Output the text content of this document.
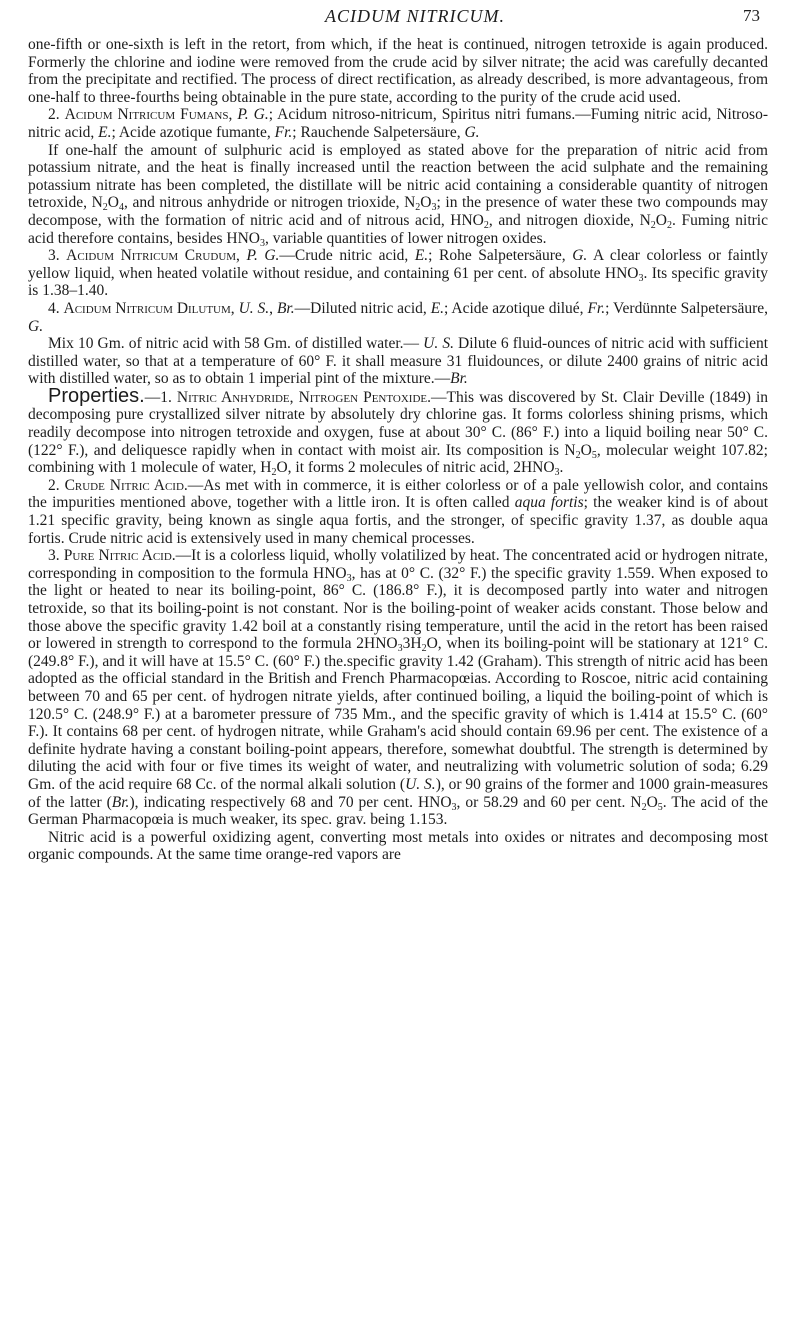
ACIDUM NITRICUM.	73

one-fifth or one-sixth is left in the retort, from which, if the heat is continued, nitrogen tetroxide is again produced. Formerly the chlorine and iodine were removed from the crude acid by silver nitrate; the acid was carefully decanted from the precipitate and rectified. The process of direct rectification, as already described, is more advantageous, from one-half to three-fourths being obtainable in the pure state, according to the purity of the crude acid used.

2. Acidum Nitricum Fumans, P. G.; Acidum nitroso-nitricum, Spiritus nitri fumans.—Fuming nitric acid, Nitroso-nitric acid, E.; Acide azotique fumante, Fr.; Rauchende Salpetersäure, G.

If one-half the amount of sulphuric acid is employed as stated above for the preparation of nitric acid from potassium nitrate, and the heat is finally increased until the reaction between the acid sulphate and the remaining potassium nitrate has been completed, the distillate will be nitric acid containing a considerable quantity of nitrogen tetroxide, $N_2O_4$, and nitrous anhydride or nitrogen trioxide, $N_2O_3$; in the presence of water these two compounds may decompose, with the formation of nitric acid and of nitrous acid, $HNO_2$, and nitrogen dioxide, $N_2O_2$. Fuming nitric acid therefore contains, besides $HNO_3$, variable quantities of lower nitrogen oxides.

3. Acidum Nitricum Crudum, P. G.—Crude nitric acid, E.; Rohe Salpetersäure, G. A clear colorless or faintly yellow liquid, when heated volatile without residue, and containing 61 per cent. of absolute $HNO_3$. Its specific gravity is 1.38–1.40.

4. Acidum Nitricum Dilutum, U. S., Br.—Diluted nitric acid, E.; Acide azotique dilué, Fr.; Verdünnte Salpetersäure, G.

Mix 10 Gm. of nitric acid with 58 Gm. of distilled water.— U. S. Dilute 6 fluid-ounces of nitric acid with sufficient distilled water, so that at a temperature of 60° F. it shall measure 31 fluidounces, or dilute 2400 grains of nitric acid with distilled water, so as to obtain 1 imperial pint of the mixture.—Br.

Properties.—1. Nitric Anhydride, Nitrogen Pentoxide.—This was discovered by St. Clair Deville (1849) in decomposing pure crystallized silver nitrate by absolutely dry chlorine gas. It forms colorless shining prisms, which readily decompose into nitrogen tetroxide and oxygen, fuse at about 30° C. (86° F.) into a liquid boiling near 50° C. (122° F.), and deliquesce rapidly when in contact with moist air. Its composition is $N_2O_5$, molecular weight 107.82; combining with 1 molecule of water, $H_2O$, it forms 2 molecules of nitric acid, $2HNO_3$.

2. Crude Nitric Acid.—As met with in commerce, it is either colorless or of a pale yellowish color, and contains the impurities mentioned above, together with a little iron. It is often called aqua fortis; the weaker kind is of about 1.21 specific gravity, being known as single aqua fortis, and the stronger, of specific gravity 1.37, as double aqua fortis. Crude nitric acid is extensively used in many chemical processes.

3. Pure Nitric Acid.—It is a colorless liquid, wholly volatilized by heat. The concentrated acid or hydrogen nitrate, corresponding in composition to the formula $HNO_3$, has at 0° C. (32° F.) the specific gravity 1.559. When exposed to the light or heated to near its boiling-point, 86° C. (186.8° F.), it is decomposed partly into water and nitrogen tetroxide, so that its boiling-point is not constant. Nor is the boiling-point of weaker acids constant. Those below and those above the specific gravity 1.42 boil at a constantly rising temperature, until the acid in the retort has been raised or lowered in strength to correspond to the formula $2HNO_33H_2O$, when its boiling-point will be stationary at 121° C. (249.8° F.), and it will have at 15.5° C. (60° F.) the.specific gravity 1.42 (Graham). This strength of nitric acid has been adopted as the official standard in the British and French Pharmacopœias. According to Roscoe, nitric acid containing between 70 and 65 per cent. of hydrogen nitrate yields, after continued boiling, a liquid the boiling-point of which is 120.5° C. (248.9° F.) at a barometer pressure of 735 Mm., and the specific gravity of which is 1.414 at 15.5° C. (60° F.). It contains 68 per cent. of hydrogen nitrate, while Graham's acid should contain 69.96 per cent. The existence of a definite hydrate having a constant boiling-point appears, therefore, somewhat doubtful. The strength is determined by diluting the acid with four or five times its weight of water, and neutralizing with volumetric solution of soda; 6.29 Gm. of the acid require 68 Cc. of the normal alkali solution (U. S.), or 90 grains of the former and 1000 grain-measures of the latter (Br.), indicating respectively 68 and 70 per cent. $HNO_3$, or 58.29 and 60 per cent. $N_2O_5$. The acid of the German Pharmacopœia is much weaker, its spec. grav. being 1.153.

Nitric acid is a powerful oxidizing agent, converting most metals into oxides or nitrates and decomposing most organic compounds. At the same time orange-red vapors are
